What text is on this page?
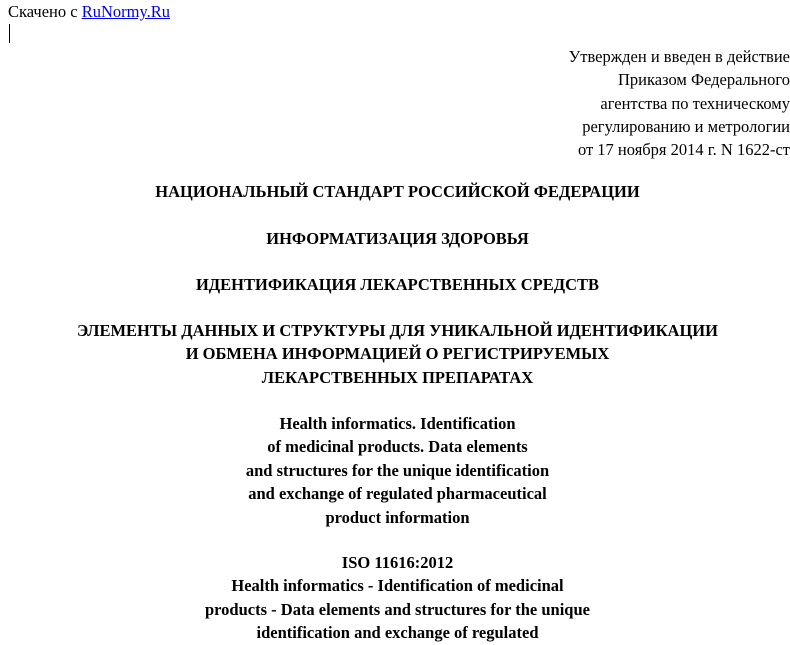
Скачено с RuNormy.Ru

Утвержден и введен в действие
Приказом Федерального
агентства по техническому
регулированию и метрологии
от 17 ноября 2014 г. N 1622-ст
НАЦИОНАЛЬНЫЙ СТАНДАРТ РОССИЙСКОЙ ФЕДЕРАЦИИ
ИНФОРМАТИЗАЦИЯ ЗДОРОВЬЯ
ИДЕНТИФИКАЦИЯ ЛЕКАРСТВЕННЫХ СРЕДСТВ
ЭЛЕМЕНТЫ ДАННЫХ И СТРУКТУРЫ ДЛЯ УНИКАЛЬНОЙ ИДЕНТИФИКАЦИИ
И ОБМЕНА ИНФОРМАЦИЕЙ О РЕГИСТРИРУЕМЫХ
ЛЕКАРСТВЕННЫХ ПРЕПАРАТАХ
Health informatics. Identification
of medicinal products. Data elements
and structures for the unique identification
and exchange of regulated pharmaceutical
product information
ISO 11616:2012
Health informatics - Identification of medicinal
products - Data elements and structures for the unique
identification and exchange of regulated
